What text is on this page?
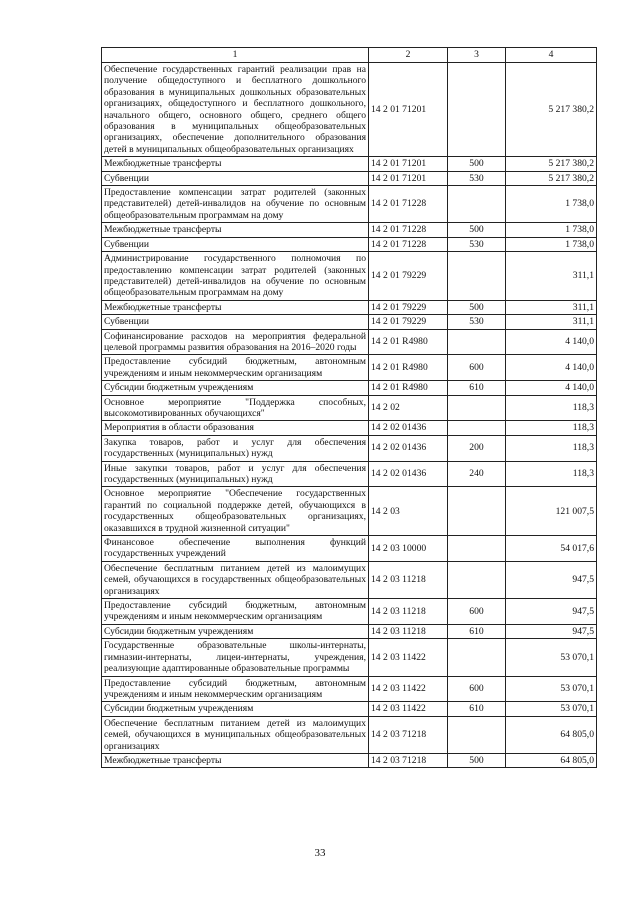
1	2	3	4
Обеспечение государственных гарантий реализации прав на получение общедоступного и бесплатного дошкольного образования в муниципальных дошкольных образовательных организациях, общедоступного и бесплатного дошкольного, начального общего, основного общего, среднего общего образования в муниципальных общеобразовательных организациях, обеспечение дополнительного образования детей в муниципальных общеобразовательных организациях	14 2 01 71201		5 217 380,2
Межбюджетные трансферты	14 2 01 71201	500	5 217 380,2
Субвенции	14 2 01 71201	530	5 217 380,2
Предоставление компенсации затрат родителей (законных представителей) детей-инвалидов на обучение по основным общеобразовательным программам на дому	14 2 01 71228		1 738,0
Межбюджетные трансферты	14 2 01 71228	500	1 738,0
Субвенции	14 2 01 71228	530	1 738,0
Администрирование государственного полномочия по предоставлению компенсации затрат родителей (законных представителей) детей-инвалидов на обучение по основным общеобразовательным программам на дому	14 2 01 79229		311,1
Межбюджетные трансферты	14 2 01 79229	500	311,1
Субвенции	14 2 01 79229	530	311,1
Софинансирование расходов на мероприятия федеральной целевой программы развития образования на 2016–2020 годы	14 2 01 R4980		4 140,0
Предоставление субсидий бюджетным, автономным учреждениям и иным некоммерческим организациям	14 2 01 R4980	600	4 140,0
Субсидии бюджетным учреждениям	14 2 01 R4980	610	4 140,0
Основное мероприятие "Поддержка способных, высокомотивированных обучающихся"	14 2 02		118,3
Мероприятия в области образования	14 2 02 01436		118,3
Закупка товаров, работ и услуг для обеспечения государственных (муниципальных) нужд	14 2 02 01436	200	118,3
Иные закупки товаров, работ и услуг для обеспечения государственных (муниципальных) нужд	14 2 02 01436	240	118,3
Основное мероприятие "Обеспечение государственных гарантий по социальной поддержке детей, обучающихся в государственных общеобразовательных организациях, оказавшихся в трудной жизненной ситуации"	14 2 03		121 007,5
Финансовое обеспечение выполнения функций государственных учреждений	14 2 03 10000		54 017,6
Обеспечение бесплатным питанием детей из малоимущих семей, обучающихся в государственных общеобразовательных организациях	14 2 03 11218		947,5
Предоставление субсидий бюджетным, автономным учреждениям и иным некоммерческим организациям	14 2 03 11218	600	947,5
Субсидии бюджетным учреждениям	14 2 03 11218	610	947,5
Государственные образовательные школы-интернаты, гимназии-интернаты, лицеи-интернаты, учреждения, реализующие адаптированные образовательные программы	14 2 03 11422		53 070,1
Предоставление субсидий бюджетным, автономным учреждениям и иным некоммерческим организациям	14 2 03 11422	600	53 070,1
Субсидии бюджетным учреждениям	14 2 03 11422	610	53 070,1
Обеспечение бесплатным питанием детей из малоимущих семей, обучающихся в муниципальных общеобразовательных организациях	14 2 03 71218		64 805,0
Межбюджетные трансферты	14 2 03 71218	500	64 805,0
33
